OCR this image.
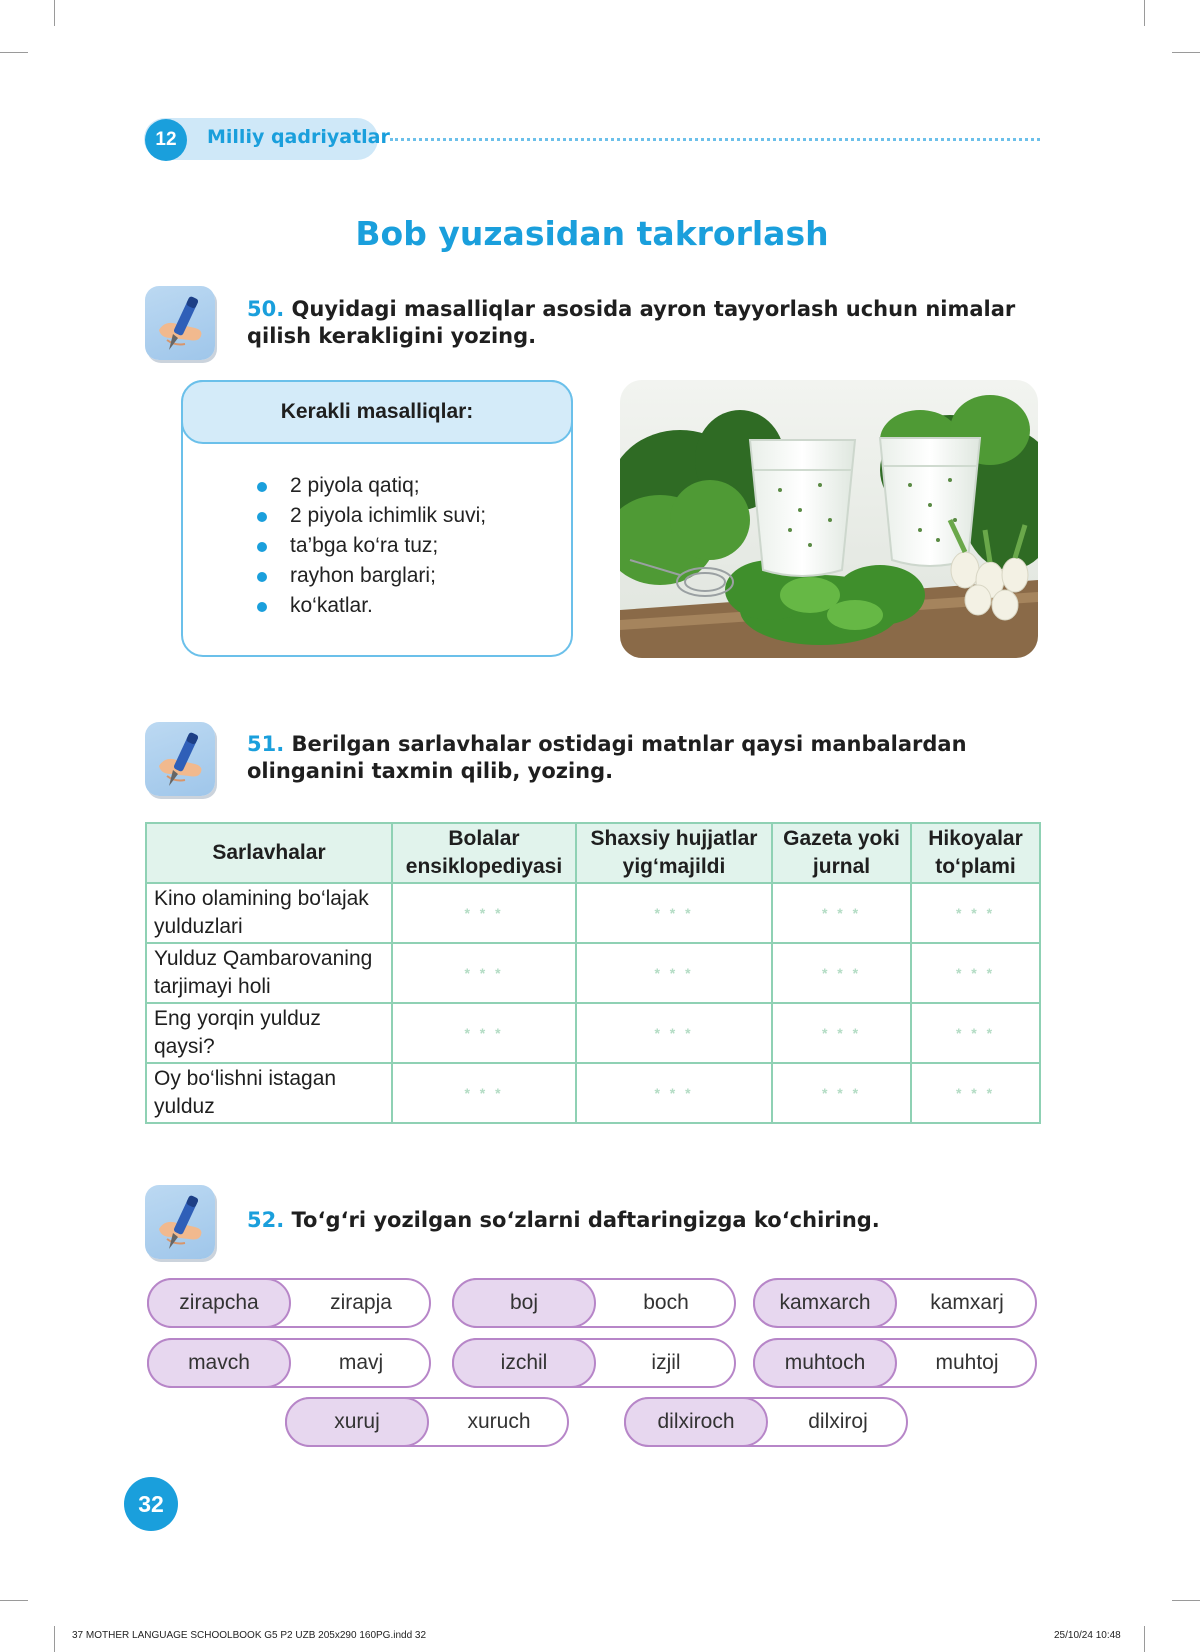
12	Milliy qadriyatlar
Bob yuzasidan takrorlash
50. Quyidagi masalliqlar asosida ayron tayyorlash uchun nimalar qilish kerakligini yozing.
Kerakli masalliqlar:
2 piyola qatiq;
2 piyola ichimlik suvi;
ta’bga ko‘ra tuz;
rayhon barglari;
ko‘katlar.
51. Berilgan sarlavhalar ostidagi matnlar qaysi manbalardan olinganini taxmin qilib, yozing.
Sarlavhalar	Bolalar ensiklopediyasi	Shaxsiy hujjatlar yig‘majildi	Gazeta yoki jurnal	Hikoyalar to‘plami
Kino olamining bo‘lajak yulduzlari	* * *	* * *	* * *	* * *
Yulduz Qambarovaning tarjimayi holi	* * *	* * *	* * *	* * *
Eng yorqin yulduz qaysi?	* * *	* * *	* * *	* * *
Oy bo‘lishni istagan yulduz	* * *	* * *	* * *	* * *
52. To‘g‘ri yozilgan so‘zlarni daftaringizga ko‘chiring.
zirapcha	zirapja	boj	boch	kamxarch	kamxarj
mavch	mavj	izchil	izjil	muhtoch	muhtoj
xuruj	xuruch	dilxiroch	dilxiroj
32
37 MOTHER LANGUAGE SCHOOLBOOK G5 P2 UZB 205x290 160PG.indd 32	25/10/24 10:48
